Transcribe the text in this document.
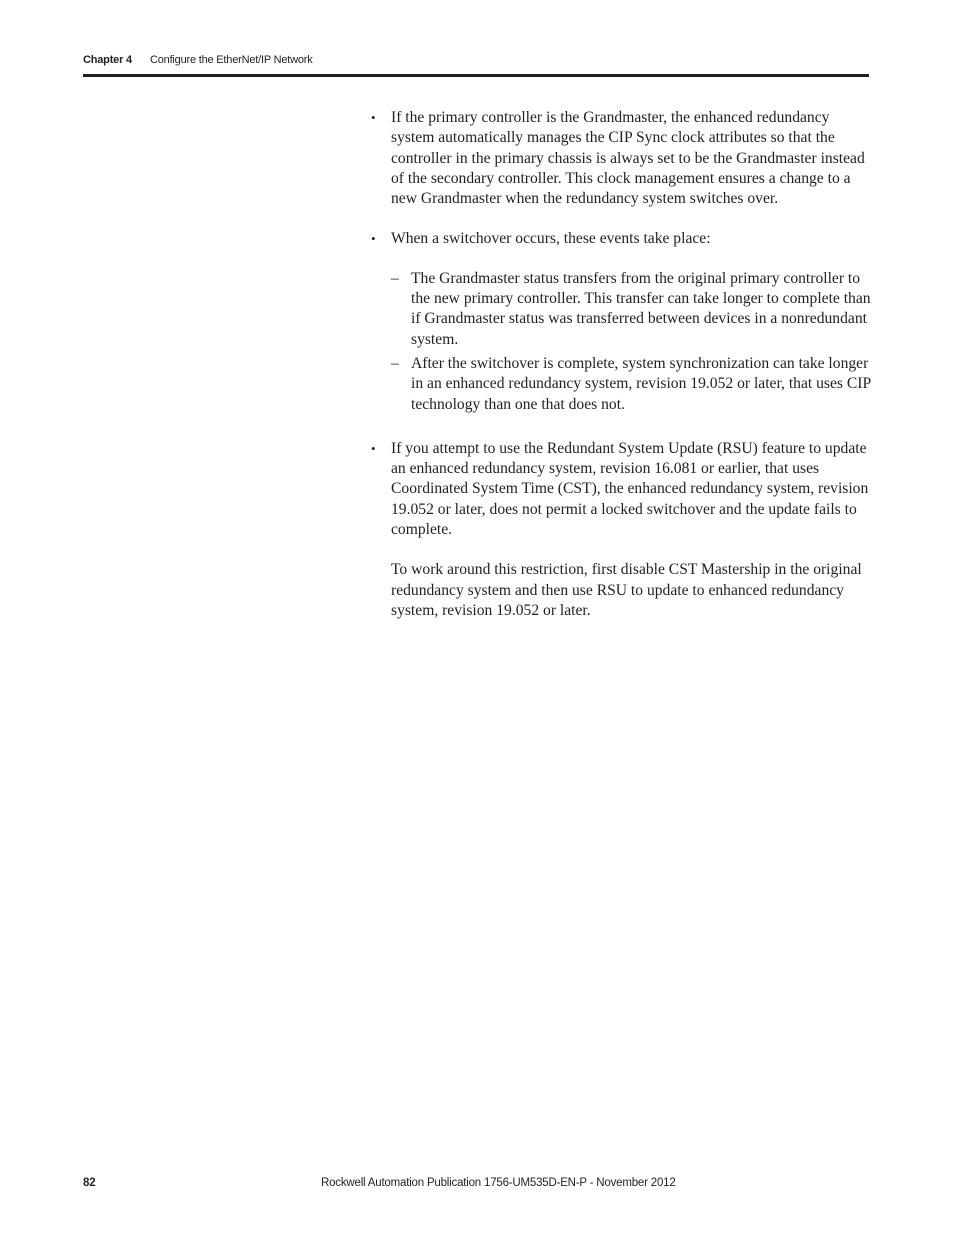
Chapter 4 Configure the EtherNet/IP Network
• If the primary controller is the Grandmaster, the enhanced redundancy system automatically manages the CIP Sync clock attributes so that the controller in the primary chassis is always set to be the Grandmaster instead of the secondary controller. This clock management ensures a change to a new Grandmaster when the redundancy system switches over.

• When a switchover occurs, these events take place:

– The Grandmaster status transfers from the original primary controller to the new primary controller. This transfer can take longer to complete than if Grandmaster status was transferred between devices in a nonredundant system.

– After the switchover is complete, system synchronization can take longer in an enhanced redundancy system, revision 19.052 or later, that uses CIP technology than one that does not.

• If you attempt to use the Redundant System Update (RSU) feature to update an enhanced redundancy system, revision 16.081 or earlier, that uses Coordinated System Time (CST), the enhanced redundancy system, revision 19.052 or later, does not permit a locked switchover and the update fails to complete.

To work around this restriction, first disable CST Mastership in the original redundancy system and then use RSU to update to enhanced redundancy system, revision 19.052 or later.

82	Rockwell Automation Publication 1756-UM535D-EN-P - November 2012
